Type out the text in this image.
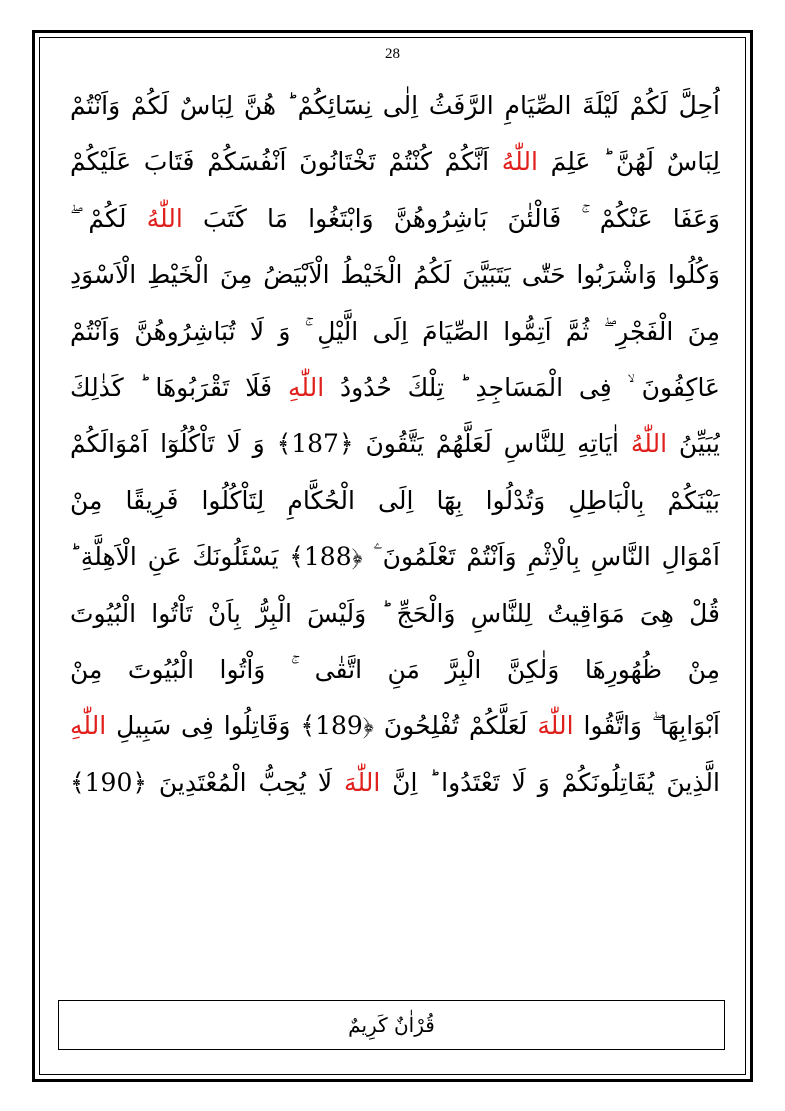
28
اُحِلَّ لَكُمْ لَيْلَةَ الصِّيَامِ الرَّفَثُ اِلٰى نِسَٓائِكُمْ ؕ هُنَّ لِبَاسٌ لَكُمْ وَاَنْتُمْ
لِبَاسٌ لَهُنَّ ؕ عَلِمَ اللّٰهُ اَنَّكُمْ كُنْتُمْ تَخْتَانُونَ اَنْفُسَكُمْ فَتَابَ عَلَيْكُمْ
وَعَفَا عَنْكُمْ ۚ فَالْئٰنَ بَاشِرُوهُنَّ وَابْتَغُوا مَا كَتَبَ اللّٰهُ لَكُمْ ۖ
وَكُلُوا وَاشْرَبُوا حَتّٰى يَتَبَيَّنَ لَكُمُ الْخَيْطُ الْاَبْيَضُ مِنَ الْخَيْطِ الْاَسْوَدِ
مِنَ الْفَجْرِ ۖ ثُمَّ اَتِمُّوا الصِّيَامَ اِلَى الَّيْلِ ۚ وَ لَا تُبَاشِرُوهُنَّ وَاَنْتُمْ
عَاكِفُونَ ۙ فِى الْمَسَاجِدِ ؕ تِلْكَ حُدُودُ اللّٰهِ فَلَا تَقْرَبُوهَا ؕ كَذٰلِكَ
يُبَيِّنُ اللّٰهُ اٰيَاتِهِ لِلنَّاسِ لَعَلَّهُمْ يَتَّقُونَ ﴿187﴾ وَ لَا تَاْكُلُوٓا اَمْوَالَكُمْ
بَيْنَكُمْ بِالْبَاطِلِ وَتُدْلُوا بِهَٓا اِلَى الْحُكَّامِ لِتَاْكُلُوا فَرِيقًا مِنْ
اَمْوَالِ النَّاسِ بِالْاِثْمِ وَاَنْتُمْ تَعْلَمُونَ ۧ ﴿188﴾ يَسْئَلُونَكَ عَنِ الْاَهِلَّةِ ؕ
قُلْ هِىَ مَوَاقِيتُ لِلنَّاسِ وَالْحَجِّ ؕ وَلَيْسَ الْبِرُّ بِاَنْ تَاْتُوا الْبُيُوتَ
مِنْ ظُهُورِهَا وَلٰكِنَّ الْبِرَّ مَنِ اتَّقٰى ۚ وَاْتُوا الْبُيُوتَ مِنْ
اَبْوَابِهَا ۖ وَاتَّقُوا اللّٰهَ لَعَلَّكُمْ تُفْلِحُونَ ﴿189﴾ وَقَاتِلُوا فِى سَبِيلِ اللّٰه
الَّذِينَ يُقَاتِلُونَكُمْ وَ لَا تَعْتَدُوا ؕ اِنَّ اللّٰهَ لَا يُحِبُّ الْمُعْتَدِينَ ﴿190﴾
قُرْاٰنٌ كَرِيمٌ
